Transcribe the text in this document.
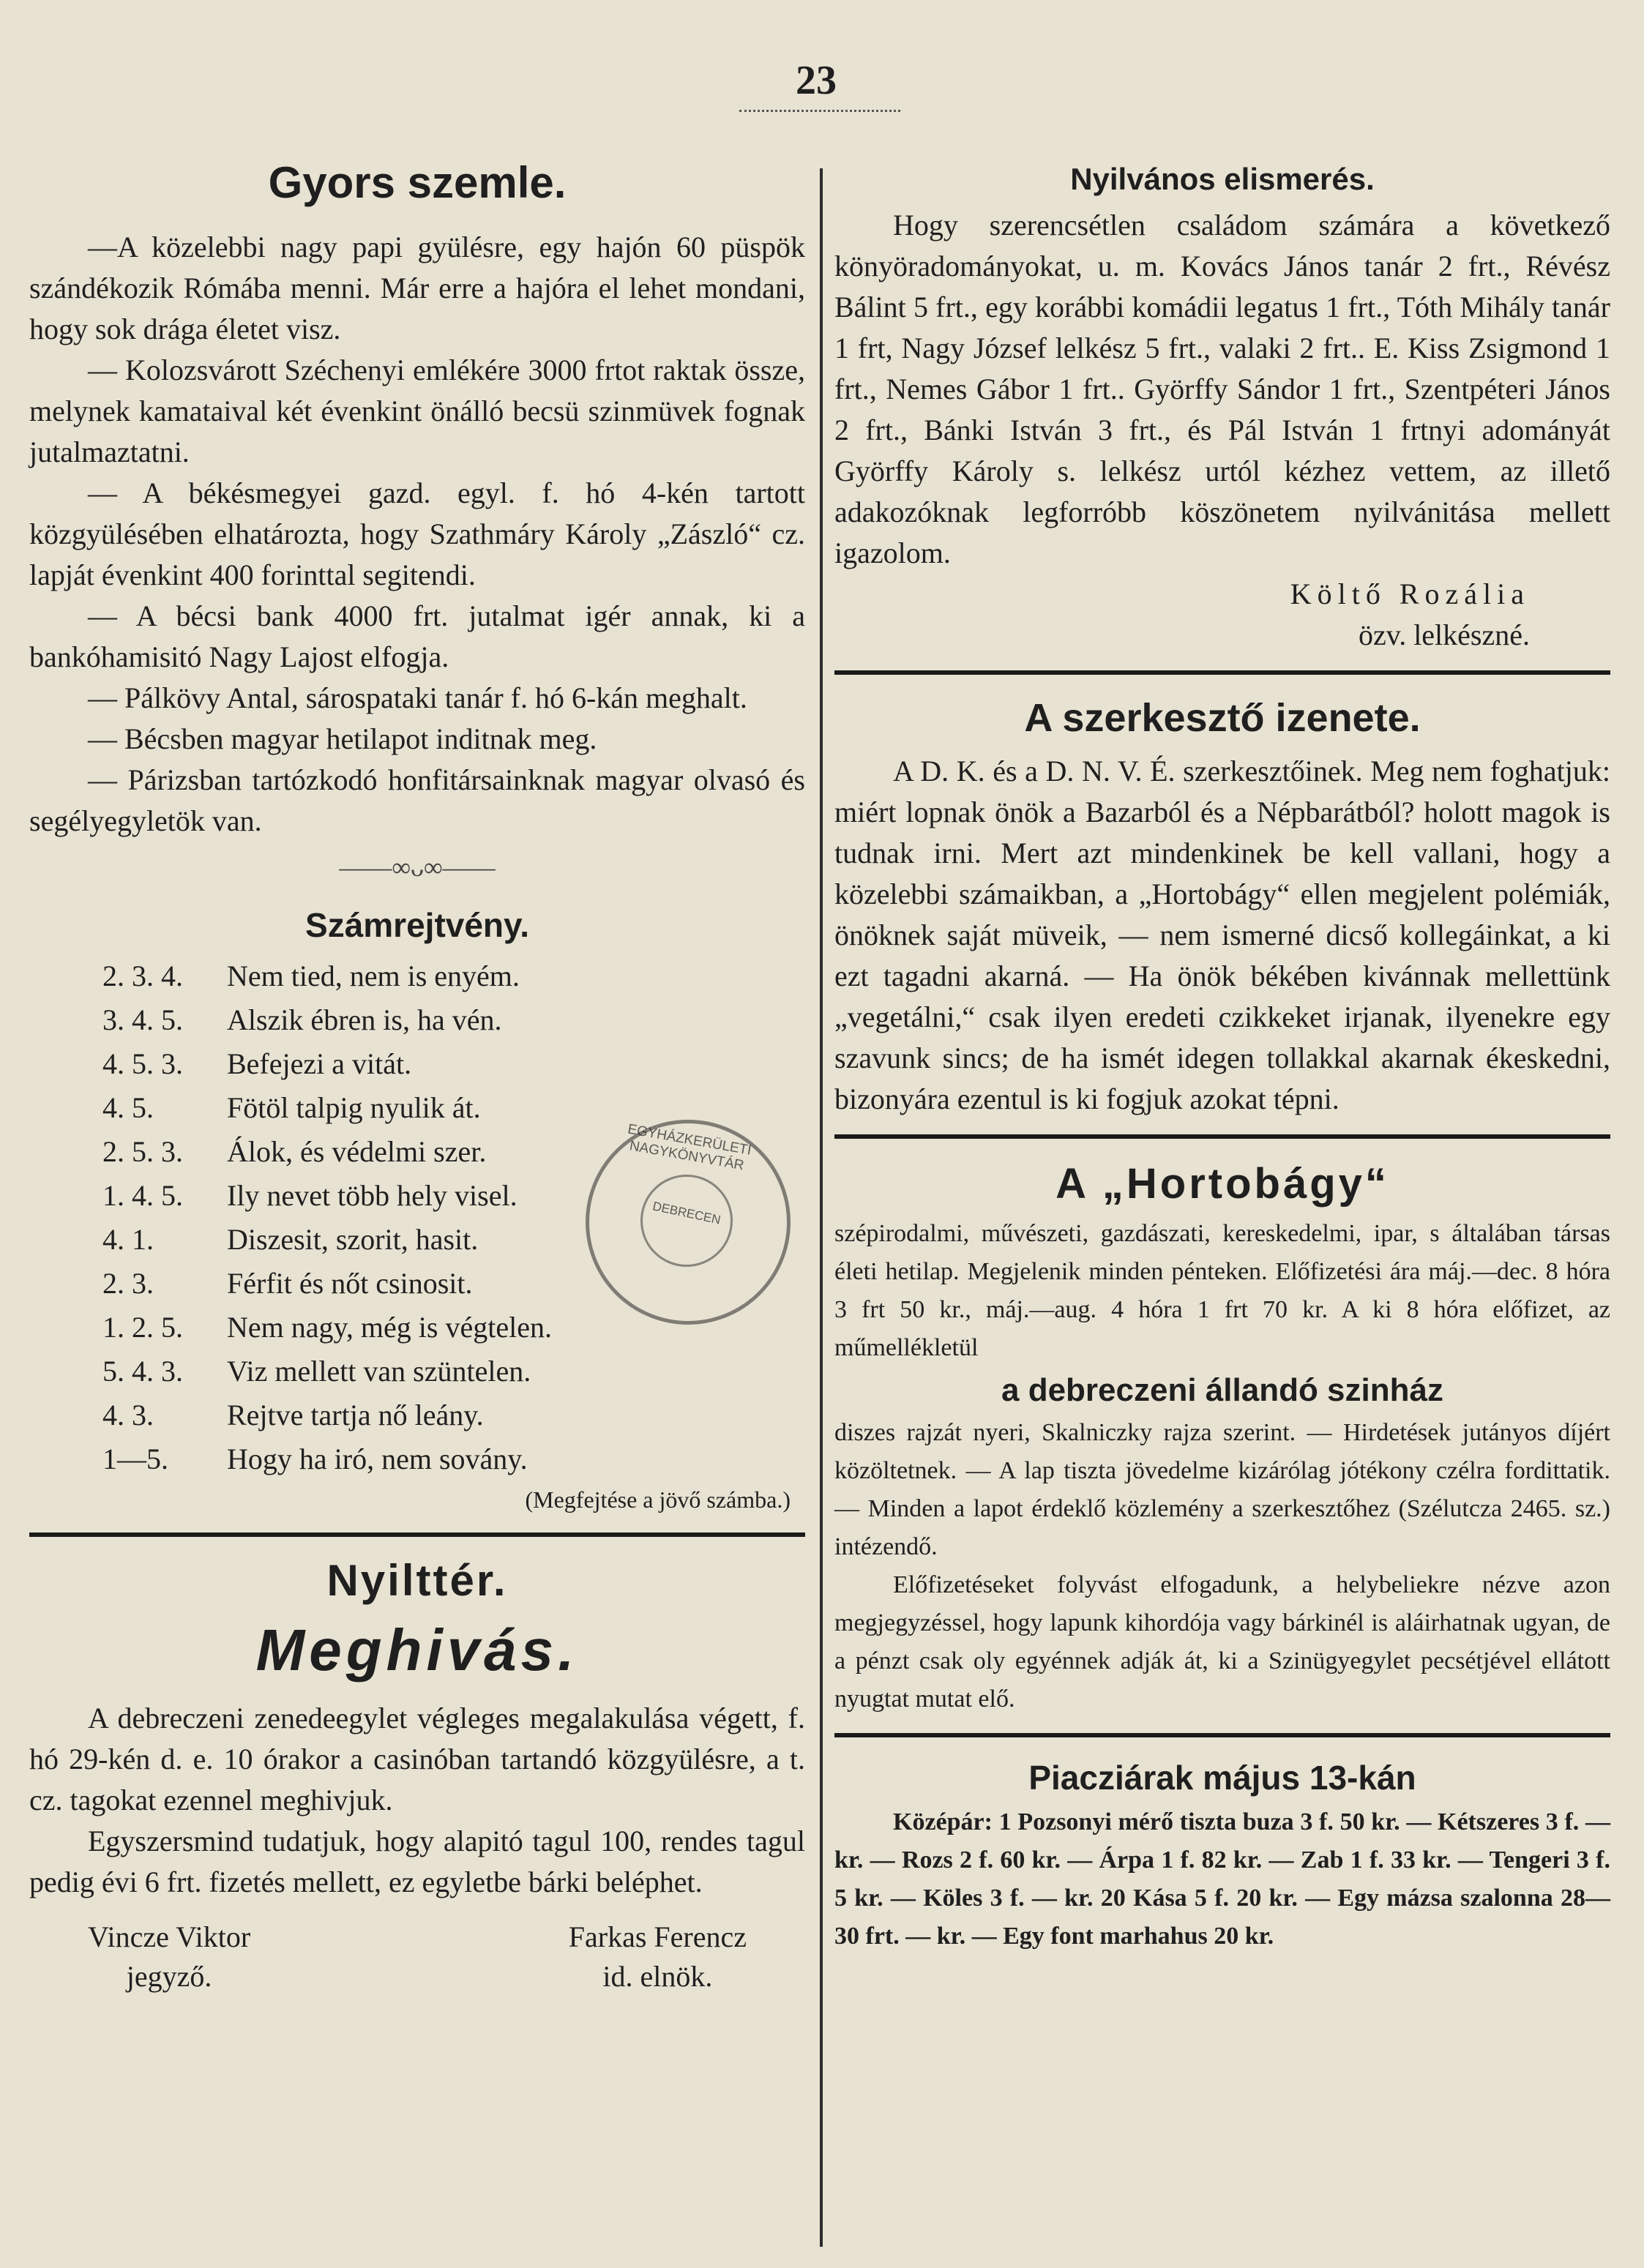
23
Gyors szemle.

—A közelebbi nagy papi gyülésre, egy hajón 60 püspök szándékozik Rómába menni. Már erre a hajóra el lehet mondani, hogy sok drága életet visz.

— Kolozsvárott Széchenyi emlékére 3000 frtot raktak össze, melynek kamataival két évenkint önálló becsü szinmüvek fognak jutalmaztatni.

— A békésmegyei gazd. egyl. f. hó 4-kén tartott közgyülésében elhatározta, hogy Szathmáry Károly „Zászló“ cz. lapját évenkint 400 forinttal segitendi.

— A bécsi bank 4000 frt. jutalmat igér annak, ki a bankóhamisitó Nagy Lajost elfogja.

— Pálkövy Antal, sárospataki tanár f. hó 6-kán meghalt.

— Bécsben magyar hetilapot inditnak meg.

— Párizsban tartózkodó honfitársainknak magyar olvasó és segélyegyletök van.

——∞ᴗ∞——
Számrejtvény.
2. 3. 4.	Nem tied, nem is enyém.
3. 4. 5.	Alszik ébren is, ha vén.
4. 5. 3.	Befejezi a vitát.
4. 5.	Fötöl talpig nyulik át.
2. 5. 3.	Álok, és védelmi szer.
1. 4. 5.	Ily nevet több hely visel.
4. 1.	Diszesit, szorit, hasit.
2. 3.	Férfit és nőt csinosit.
1. 2. 5.	Nem nagy, még is végtelen.
5. 4. 3.	Viz mellett van szüntelen.
4. 3.	Rejtve tartja nő leány.
1—5.	Hogy ha iró, nem sovány.
(Megfejtése a jövő számba.)
Nyilttér.
Meghivás.

A debreczeni zenedeegylet végleges megalakulása végett, f. hó 29-kén d. e. 10 órakor a casinóban tartandó közgyülésre, a t. cz. tagokat ezennel meghivjuk.

Egyszersmind tudatjuk, hogy alapitó tagul 100, rendes tagul pedig évi 6 frt. fizetés mellett, ez egyletbe bárki beléphet.

Vincze Viktor
jegyző.
Farkas Ferencz
id. elnök.
EGYHÁZKERÜLETI NAGYKÖNYVTÁR
DEBRECEN
Nyilvános elismerés.

Hogy szerencsétlen családom számára a következő könyöradományokat, u. m. Kovács János tanár 2 frt., Révész Bálint 5 frt., egy korábbi komádii legatus 1 frt., Tóth Mihály tanár 1 frt, Nagy József lelkész 5 frt., valaki 2 frt.. E. Kiss Zsigmond 1 frt., Nemes Gábor 1 frt.. Györffy Sándor 1 frt., Szentpéteri János 2 frt., Bánki István 3 frt., és Pál István 1 frtnyi adományát Györffy Károly s. lelkész urtól kézhez vettem, az illető adakozóknak legforróbb köszönetem nyilvánitása mellett igazolom.

Költő Rozália
özv. lelkészné.
A szerkesztő izenete.

A D. K. és a D. N. V. É. szerkesztőinek. Meg nem foghatjuk: miért lopnak önök a Bazarból és a Népbarátból? holott magok is tudnak irni. Mert azt mindenkinek be kell vallani, hogy a közelebbi számaikban, a „Hortobágy“ ellen megjelent polémiák, önöknek saját müveik, — nem ismerné dicső kollegáinkat, a ki ezt tagadni akarná. — Ha önök békében kivánnak mellettünk „vegetálni,“ csak ilyen eredeti czikkeket irjanak, ilyenekre egy szavunk sincs; de ha ismét idegen tollakkal akarnak ékeskedni, bizonyára ezentul is ki fogjuk azokat tépni.

A „Hortobágy“

szépirodalmi, művészeti, gazdászati, kereskedelmi, ipar, s általában társas életi hetilap. Megjelenik minden pénteken. Előfizetési ára máj.—dec. 8 hóra 3 frt 50 kr., máj.—aug. 4 hóra 1 frt 70 kr. A ki 8 hóra előfizet, az műmellékletül

a debreczeni állandó szinház

diszes rajzát nyeri, Skalniczky rajza szerint. — Hirdetések jutányos díjért közöltetnek. — A lap tiszta jövedelme kizárólag jótékony czélra fordittatik. — Minden a lapot érdeklő közlemény a szerkesztőhez (Szélutcza 2465. sz.) intézendő.

Előfizetéseket folyvást elfogadunk, a helybeliekre nézve azon megjegyzéssel, hogy lapunk kihordója vagy bárkinél is aláirhatnak ugyan, de a pénzt csak oly egyénnek adják át, ki a Szinügyegylet pecsétjével ellátott nyugtat mutat elő.

Piacziárak május 13-kán

Középár: 1 Pozsonyi mérő tiszta buza 3 f. 50 kr. — Kétszeres 3 f. — kr. — Rozs 2 f. 60 kr. — Árpa 1 f. 82 kr. — Zab 1 f. 33 kr. — Tengeri 3 f. 5 kr. — Köles 3 f. — kr. 20 Kása 5 f. 20 kr. — Egy mázsa szalonna 28—30 frt. — kr. — Egy font marhahus 20 kr.
